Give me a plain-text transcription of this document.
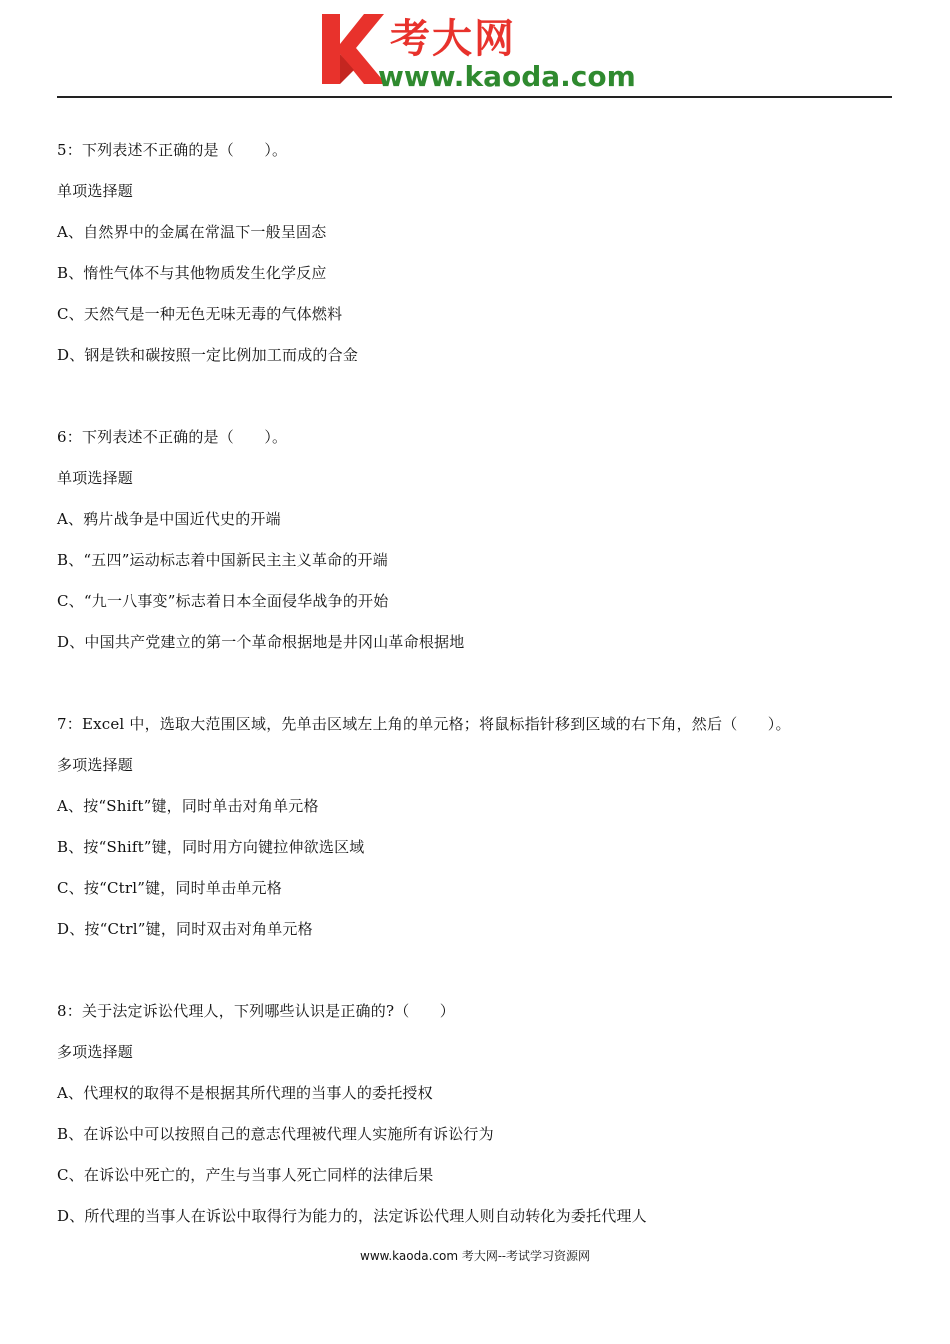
考大网
www.kaoda.com
5：下列表述不正确的是（　　）。
单项选择题
A、自然界中的金属在常温下一般呈固态
B、惰性气体不与其他物质发生化学反应
C、天然气是一种无色无味无毒的气体燃料
D、钢是铁和碳按照一定比例加工而成的合金
6：下列表述不正确的是（　　）。
单项选择题
A、鸦片战争是中国近代史的开端
B、“五四”运动标志着中国新民主主义革命的开端
C、“九一八事变”标志着日本全面侵华战争的开始
D、中国共产党建立的第一个革命根据地是井冈山革命根据地
7：Excel 中，选取大范围区域，先单击区域左上角的单元格；将鼠标指针移到区域的右下角，然后（　　）。
多项选择题
A、按“Shift”键，同时单击对角单元格
B、按“Shift”键，同时用方向键拉伸欲选区域
C、按“Ctrl”键，同时单击单元格
D、按“Ctrl”键，同时双击对角单元格
8：关于法定诉讼代理人，下列哪些认识是正确的?（　　）
多项选择题
A、代理权的取得不是根据其所代理的当事人的委托授权
B、在诉讼中可以按照自己的意志代理被代理人实施所有诉讼行为
C、在诉讼中死亡的，产生与当事人死亡同样的法律后果
D、所代理的当事人在诉讼中取得行为能力的，法定诉讼代理人则自动转化为委托代理人
www.kaoda.com 考大网--考试学习资源网
